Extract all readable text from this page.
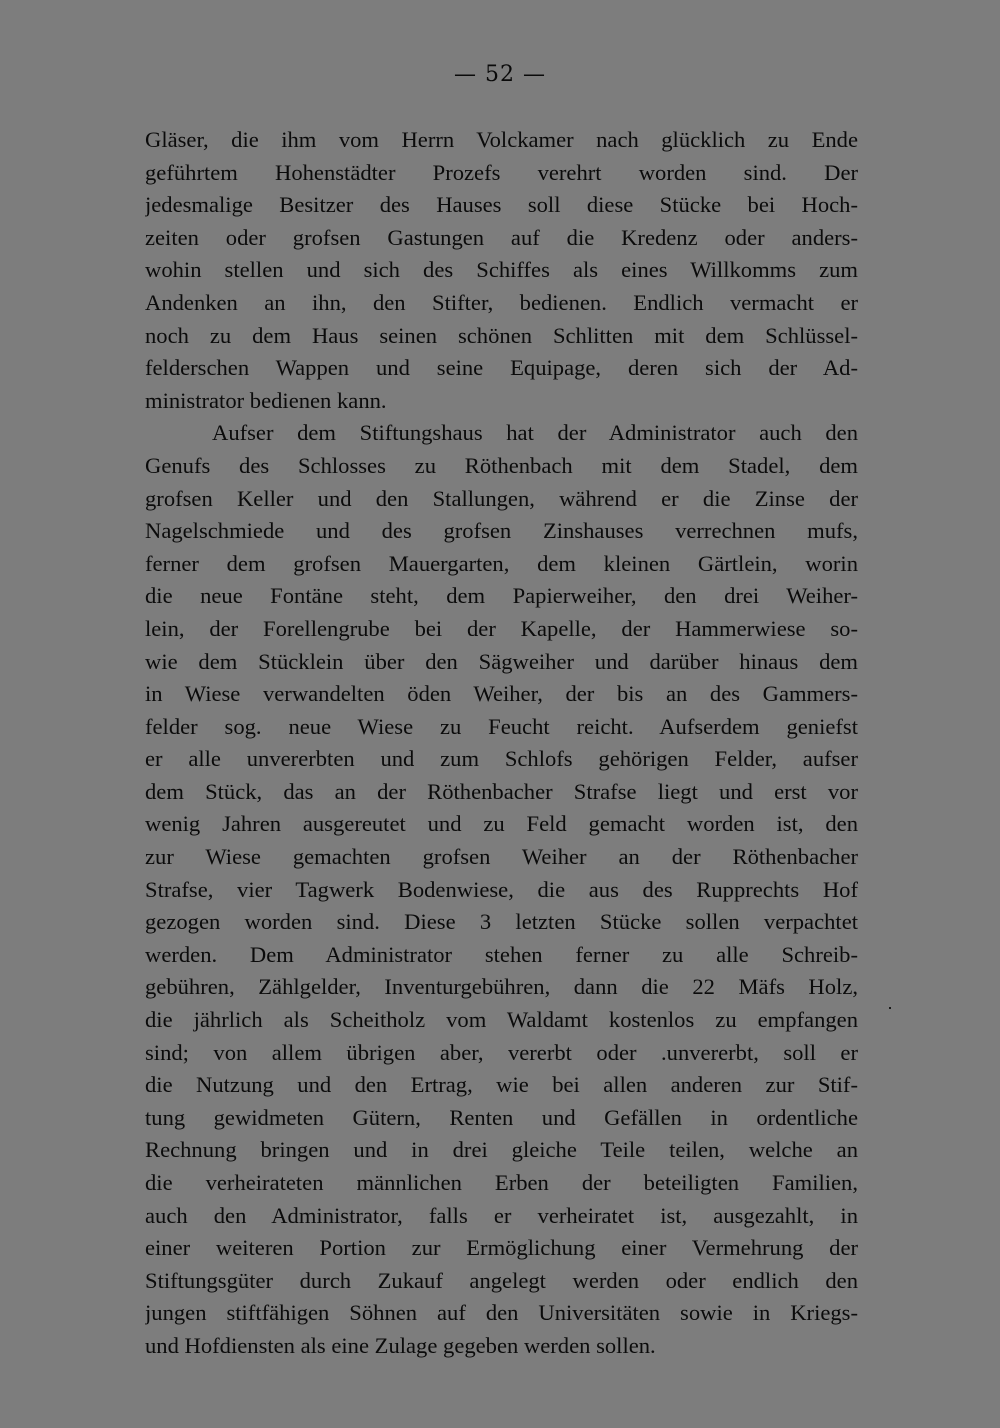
— 52 —
Gläser, die ihm vom Herrn Volckamer nach glücklich zu Ende
geführtem Hohenstädter Prozefs verehrt worden sind. Der
jedesmalige Besitzer des Hauses soll diese Stücke bei Hoch-
zeiten oder grofsen Gastungen auf die Kredenz oder anders-
wohin stellen und sich des Schiffes als eines Willkomms zum
Andenken an ihn, den Stifter, bedienen. Endlich vermacht er
noch zu dem Haus seinen schönen Schlitten mit dem Schlüssel-
felderschen Wappen und seine Equipage, deren sich der Ad-
ministrator bedienen kann.
Aufser dem Stiftungshaus hat der Administrator auch den
Genufs des Schlosses zu Röthenbach mit dem Stadel, dem
grofsen Keller und den Stallungen, während er die Zinse der
Nagelschmiede und des grofsen Zinshauses verrechnen mufs,
ferner dem grofsen Mauergarten, dem kleinen Gärtlein, worin
die neue Fontäne steht, dem Papierweiher, den drei Weiher-
lein, der Forellengrube bei der Kapelle, der Hammerwiese so-
wie dem Stücklein über den Sägweiher und darüber hinaus dem
in Wiese verwandelten öden Weiher, der bis an des Gammers-
felder sog. neue Wiese zu Feucht reicht. Aufserdem geniefst
er alle unvererbten und zum Schlofs gehörigen Felder, aufser
dem Stück, das an der Röthenbacher Strafse liegt und erst vor
wenig Jahren ausgereutet und zu Feld gemacht worden ist, den
zur Wiese gemachten grofsen Weiher an der Röthenbacher
Strafse, vier Tagwerk Bodenwiese, die aus des Rupprechts Hof
gezogen worden sind. Diese 3 letzten Stücke sollen verpachtet
werden. Dem Administrator stehen ferner zu alle Schreib-
gebühren, Zählgelder, Inventurgebühren, dann die 22 Mäfs Holz,
die jährlich als Scheitholz vom Waldamt kostenlos zu empfangen
sind; von allem übrigen aber, vererbt oder .unvererbt, soll er
die Nutzung und den Ertrag, wie bei allen anderen zur Stif-
tung gewidmeten Gütern, Renten und Gefällen in ordentliche
Rechnung bringen und in drei gleiche Teile teilen, welche an
die verheirateten männlichen Erben der beteiligten Familien,
auch den Administrator, falls er verheiratet ist, ausgezahlt, in
einer weiteren Portion zur Ermöglichung einer Vermehrung der
Stiftungsgüter durch Zukauf angelegt werden oder endlich den
jungen stiftfähigen Söhnen auf den Universitäten sowie in Kriegs-
und Hofdiensten als eine Zulage gegeben werden sollen.
